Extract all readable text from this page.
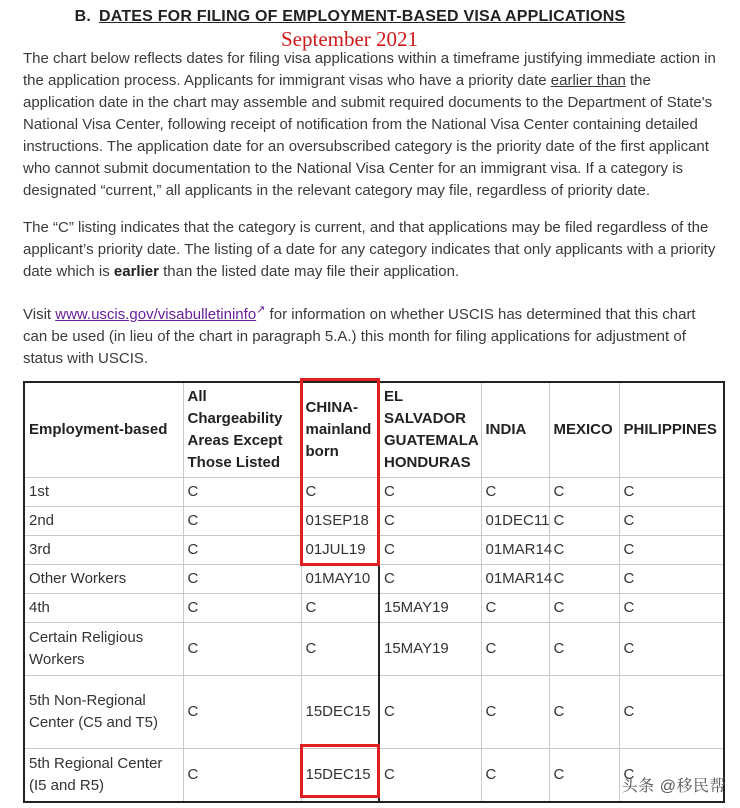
B. DATES FOR FILING OF EMPLOYMENT-BASED VISA APPLICATIONS
September 2021
The chart below reflects dates for filing visa applications within a timeframe justifying immediate action in the application process. Applicants for immigrant visas who have a priority date earlier than the application date in the chart may assemble and submit required documents to the Department of State's National Visa Center, following receipt of notification from the National Visa Center containing detailed instructions. The application date for an oversubscribed category is the priority date of the first applicant who cannot submit documentation to the National Visa Center for an immigrant visa. If a category is designated “current,” all applicants in the relevant category may file, regardless of priority date.
The “C” listing indicates that the category is current, and that applications may be filed regardless of the applicant’s priority date. The listing of a date for any category indicates that only applicants with a priority date which is earlier than the listed date may file their application.
Visit www.uscis.gov/visabulletininfo↗ for information on whether USCIS has determined that this chart can be used (in lieu of the chart in paragraph 5.A.) this month for filing applications for adjustment of status with USCIS.
Employment-based	All Chargeability Areas Except Those Listed	CHINA-mainland born	EL SALVADOR GUATEMALA HONDURAS	INDIA	MEXICO	PHILIPPINES
1st	C	C	C	C	C	C
2nd	C	01SEP18	C	01DEC11	C	C
3rd	C	01JUL19	C	01MAR14	C	C
Other Workers	C	01MAY10	C	01MAR14	C	C
4th	C	C	15MAY19	C	C	C
Certain Religious Workers	C	C	15MAY19	C	C	C
5th Non-Regional Center (C5 and T5)	C	15DEC15	C	C	C	C
5th Regional Center (I5 and R5)	C	15DEC15	C	C	C	C
头条 @移民帮
